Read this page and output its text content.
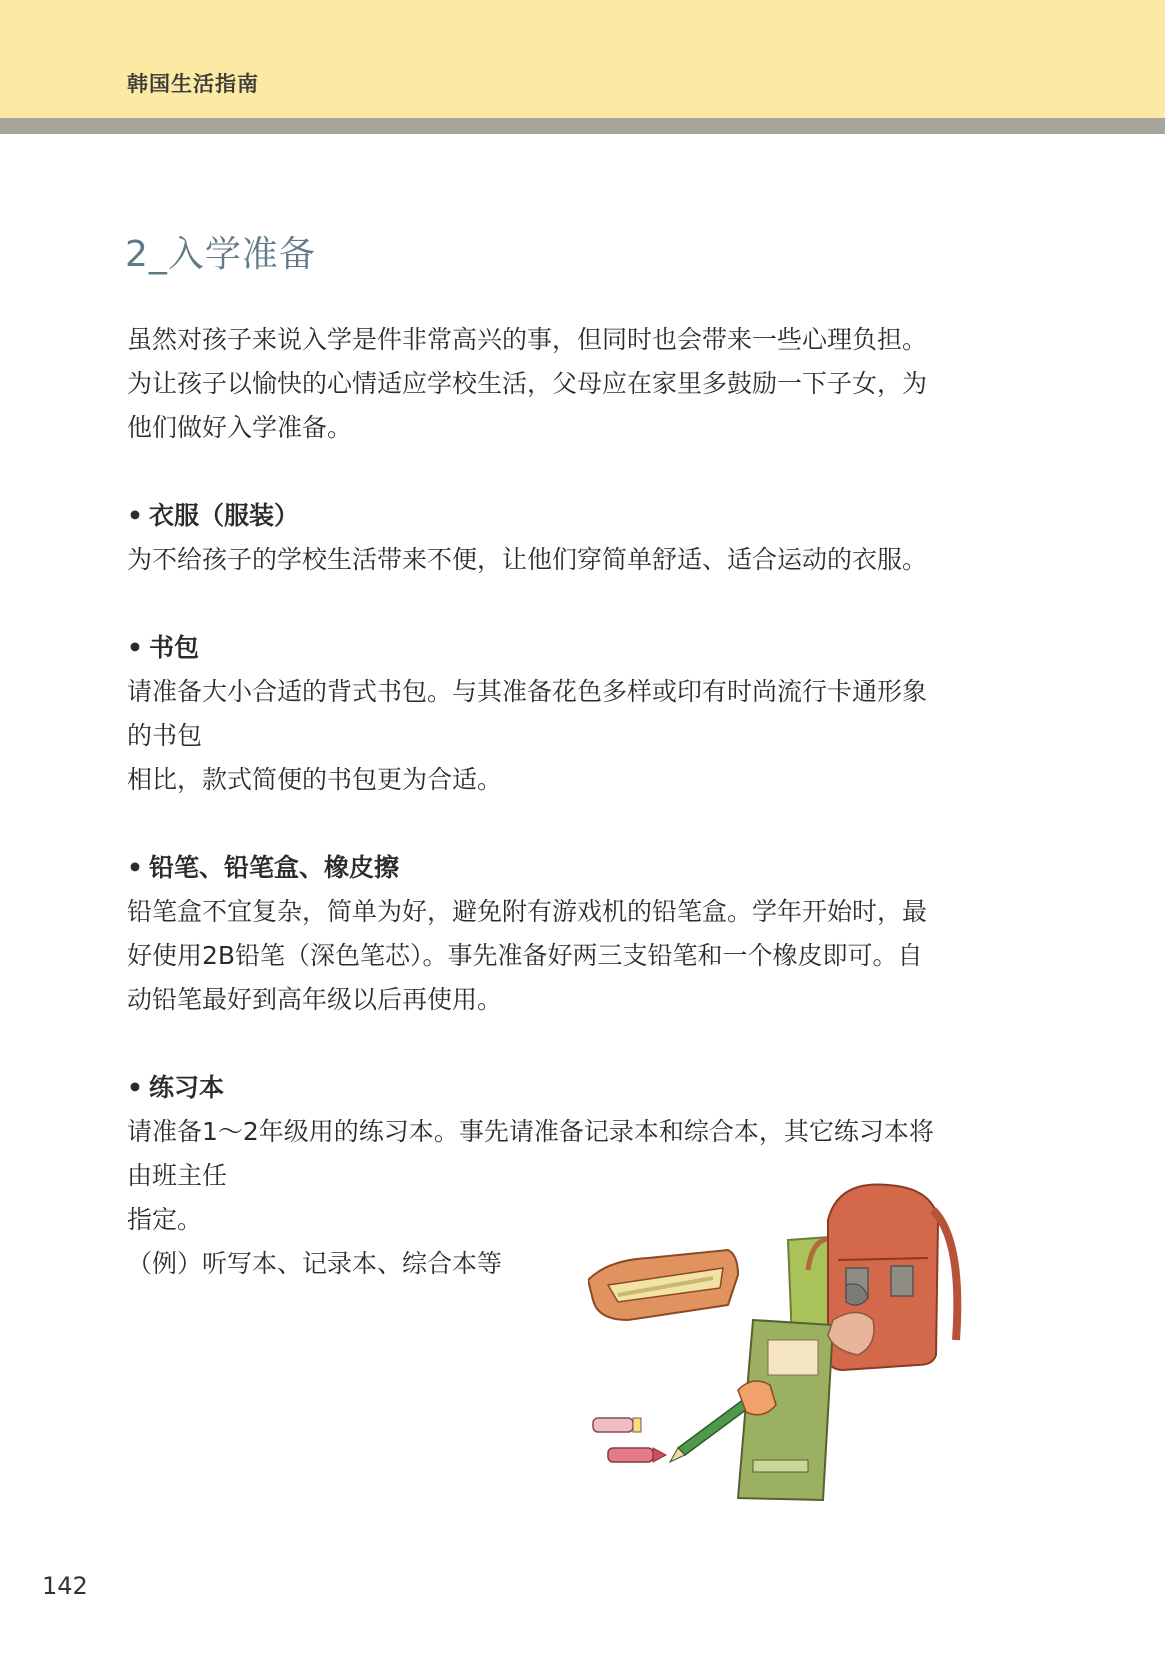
韩国生活指南
2_入学准备

虽然对孩子来说入学是件非常高兴的事，但同时也会带来一些心理负担。

为让孩子以愉快的心情适应学校生活，父母应在家里多鼓励一下子女，为

他们做好入学准备。

• 衣服（服装）

为不给孩子的学校生活带来不便，让他们穿简单舒适、适合运动的衣服。

• 书包

请准备大小合适的背式书包。与其准备花色多样或印有时尚流行卡通形象

的书包

相比，款式简便的书包更为合适。

• 铅笔、铅笔盒、橡皮擦

铅笔盒不宜复杂，简单为好，避免附有游戏机的铅笔盒。学年开始时，最

好使用2B铅笔（深色笔芯）。事先准备好两三支铅笔和一个橡皮即可。自

动铅笔最好到高年级以后再使用。

• 练习本

请准备1～2年级用的练习本。事先请准备记录本和综合本，其它练习本将

由班主任

指定。

（例）听写本、记录本、综合本等

142
